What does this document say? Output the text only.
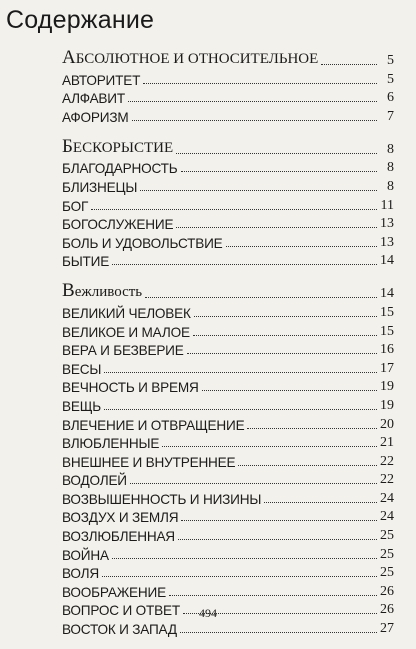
Содержание
АБСОЛЮТНОЕ И ОТНОСИТЕЛЬНОЕ	5
АВТОРИТЕТ	5
АЛФАВИТ	6
АФОРИЗМ	7
БЕСКОРЫСТИЕ	8
БЛАГОДАРНОСТЬ	8
БЛИЗНЕЦЫ	8
БОГ	11
БОГОСЛУЖЕНИЕ	13
БОЛЬ И УДОВОЛЬСТВИЕ	13
БЫТИЕ	14
Вежливость	14
ВЕЛИКИЙ ЧЕЛОВЕК	15
ВЕЛИКОЕ И МАЛОЕ	15
ВЕРА И БЕЗВЕРИЕ	16
ВЕСЫ	17
ВЕЧНОСТЬ И ВРЕМЯ	19
ВЕЩЬ	19
ВЛЕЧЕНИЕ И ОТВРАЩЕНИЕ	20
ВЛЮБЛЕННЫЕ	21
ВНЕШНЕЕ И ВНУТРЕННЕЕ	22
ВОДОЛЕЙ	22
ВОЗВЫШЕННОСТЬ И НИЗИНЫ	24
ВОЗДУХ И ЗЕМЛЯ	24
ВОЗЛЮБЛЕННАЯ	25
ВОЙНА	25
ВОЛЯ	25
ВООБРАЖЕНИЕ	26
ВОПРОС И ОТВЕТ	26
ВОСТОК И ЗАПАД	27
494
